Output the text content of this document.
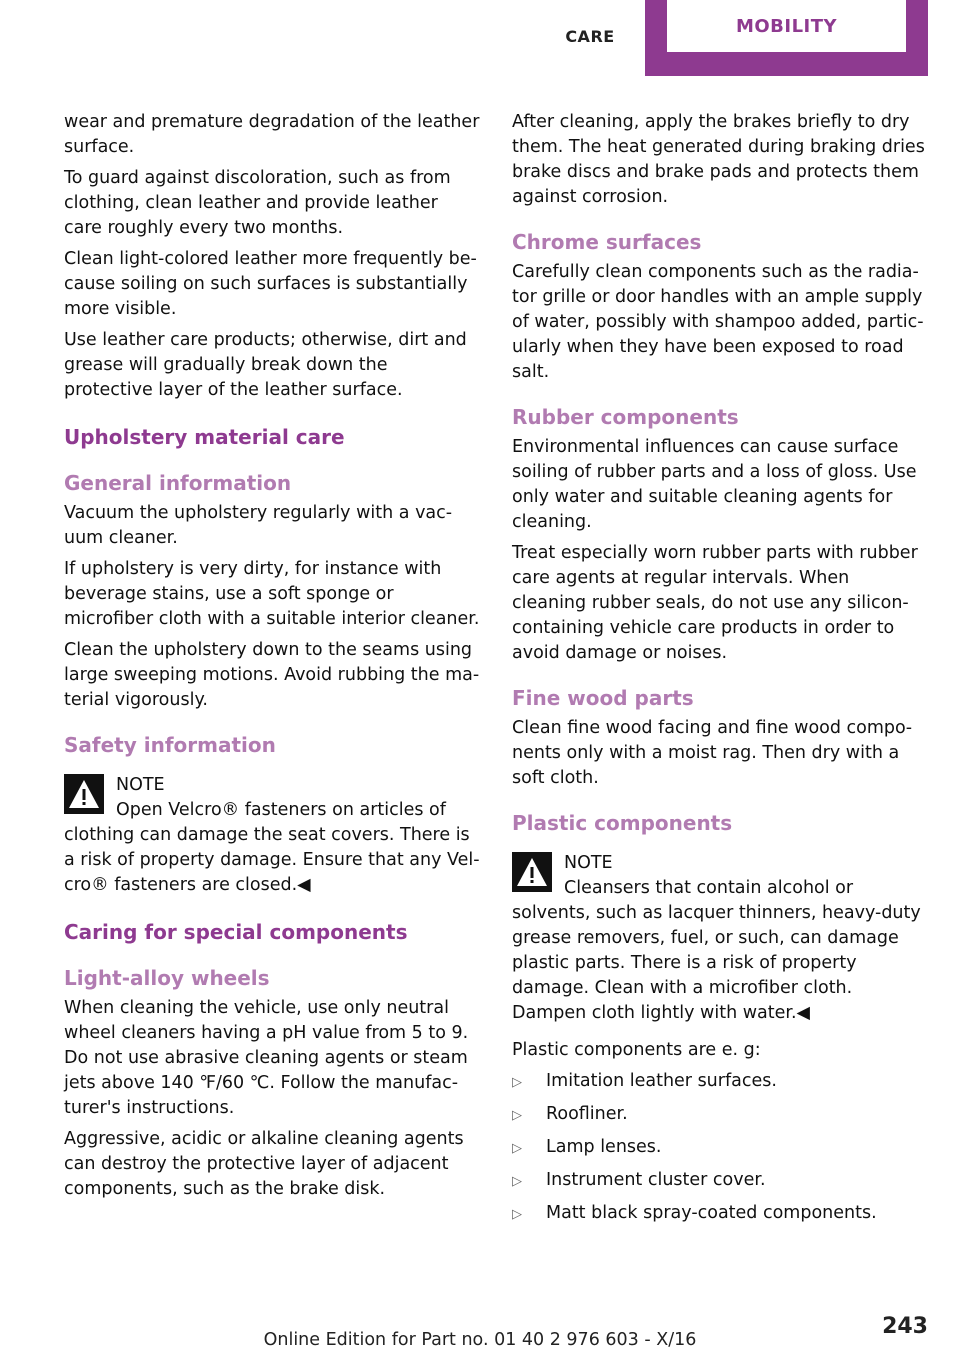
CARE	MOBILITY

wear and premature degradation of the leather surface.

To guard against discoloration, such as from clothing, clean leather and provide leather care roughly every two months.

Clean light-colored leather more frequently because soiling on such surfaces is substantially more visible.

Use leather care products; otherwise, dirt and grease will gradually break down the protective layer of the leather surface.

Upholstery material care
General information

Vacuum the upholstery regularly with a vacuum cleaner.

If upholstery is very dirty, for instance with beverage stains, use a soft sponge or microfiber cloth with a suitable interior cleaner.

Clean the upholstery down to the seams using large sweeping motions. Avoid rubbing the material vigorously.

Safety information
NOTE

Open Velcro® fasteners on articles of clothing can damage the seat covers. There is a risk of property damage. Ensure that any Velcro® fasteners are closed.◀

Caring for special components
Light-alloy wheels

When cleaning the vehicle, use only neutral wheel cleaners having a pH value from 5 to 9. Do not use abrasive cleaning agents or steam jets above 140 ℉/60 ℃. Follow the manufacturer's instructions.

Aggressive, acidic or alkaline cleaning agents can destroy the protective layer of adjacent components, such as the brake disk.

After cleaning, apply the brakes briefly to dry them. The heat generated during braking dries brake discs and brake pads and protects them against corrosion.

Chrome surfaces

Carefully clean components such as the radiator grille or door handles with an ample supply of water, possibly with shampoo added, particularly when they have been exposed to road salt.

Rubber components

Environmental influences can cause surface soiling of rubber parts and a loss of gloss. Use only water and suitable cleaning agents for cleaning.

Treat especially worn rubber parts with rubber care agents at regular intervals. When cleaning rubber seals, do not use any silicon-containing vehicle care products in order to avoid damage or noises.

Fine wood parts

Clean fine wood facing and fine wood components only with a moist rag. Then dry with a soft cloth.

Plastic components
NOTE

Cleansers that contain alcohol or solvents, such as lacquer thinners, heavy-duty grease removers, fuel, or such, can damage plastic parts. There is a risk of property damage. Clean with a microfiber cloth. Dampen cloth lightly with water.◀

Plastic components are e. g:

▷	Imitation leather surfaces.
▷	Roofliner.
▷	Lamp lenses.
▷	Instrument cluster cover.
▷	Matt black spray-coated components.
243
Online Edition for Part no. 01 40 2 976 603 - X/16
